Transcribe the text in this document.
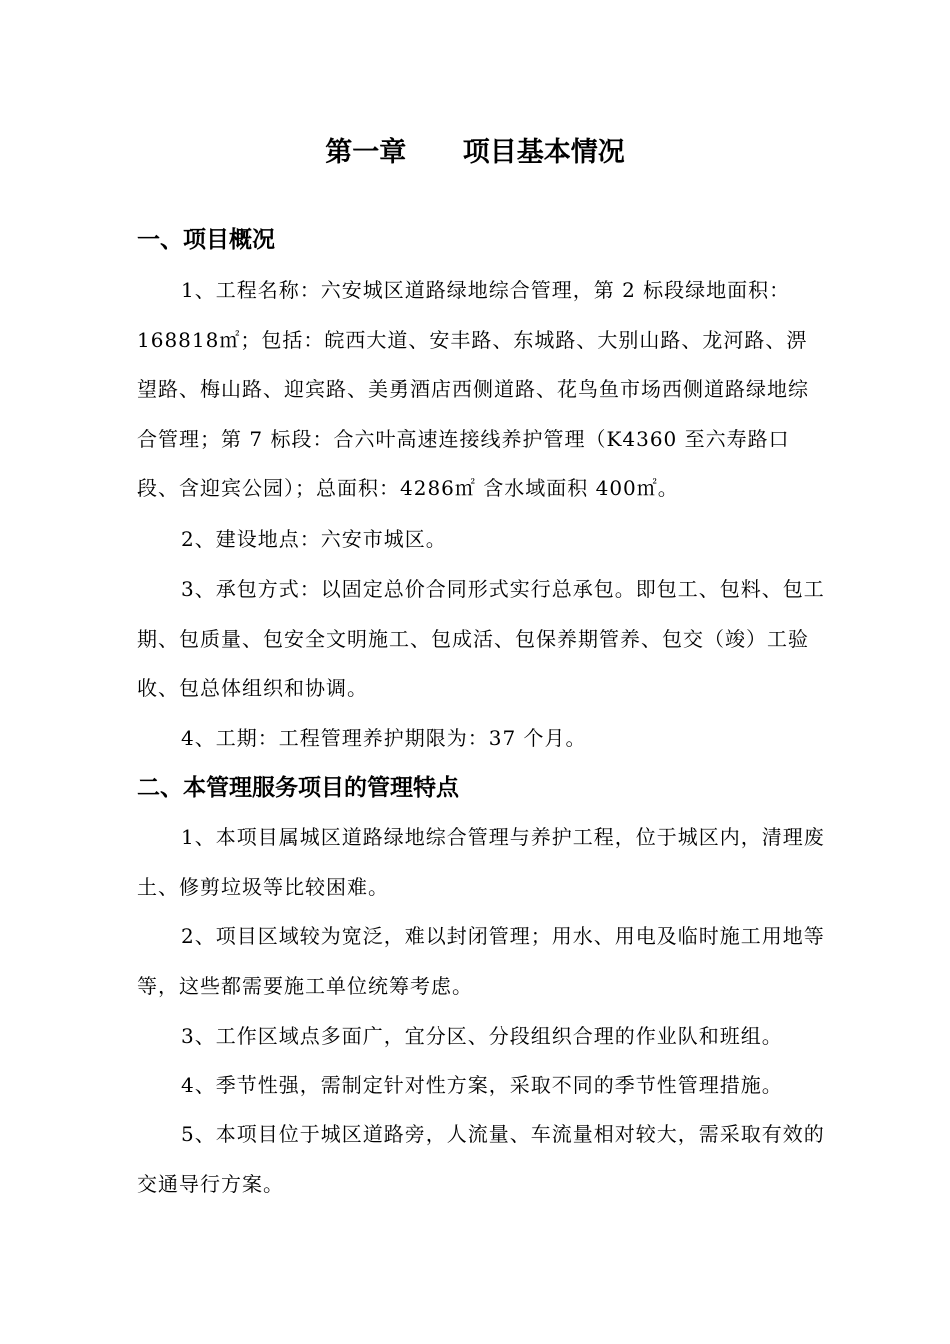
第一章      项目基本情况
一、项目概况

1、工程名称：六安城区道路绿地综合管理，第 2 标段绿地面积：168818㎡；包括：皖西大道、安丰路、东城路、大别山路、龙河路、淠望路、梅山路、迎宾路、美勇酒店西侧道路、花鸟鱼市场西侧道路绿地综合管理；第 7 标段：合六叶高速连接线养护管理（K4360 至六寿路口段、含迎宾公园）；总面积：4286㎡ 含水域面积 400㎡。

2、建设地点：六安市城区。

3、承包方式：以固定总价合同形式实行总承包。即包工、包料、包工期、包质量、包安全文明施工、包成活、包保养期管养、包交（竣）工验收、包总体组织和协调。

4、工期：工程管理养护期限为：37 个月。

二、本管理服务项目的管理特点

1、本项目属城区道路绿地综合管理与养护工程，位于城区内，清理废土、修剪垃圾等比较困难。

2、项目区域较为宽泛，难以封闭管理；用水、用电及临时施工用地等等，这些都需要施工单位统筹考虑。

3、工作区域点多面广，宜分区、分段组织合理的作业队和班组。

4、季节性强，需制定针对性方案，采取不同的季节性管理措施。

5、本项目位于城区道路旁，人流量、车流量相对较大，需采取有效的交通导行方案。
